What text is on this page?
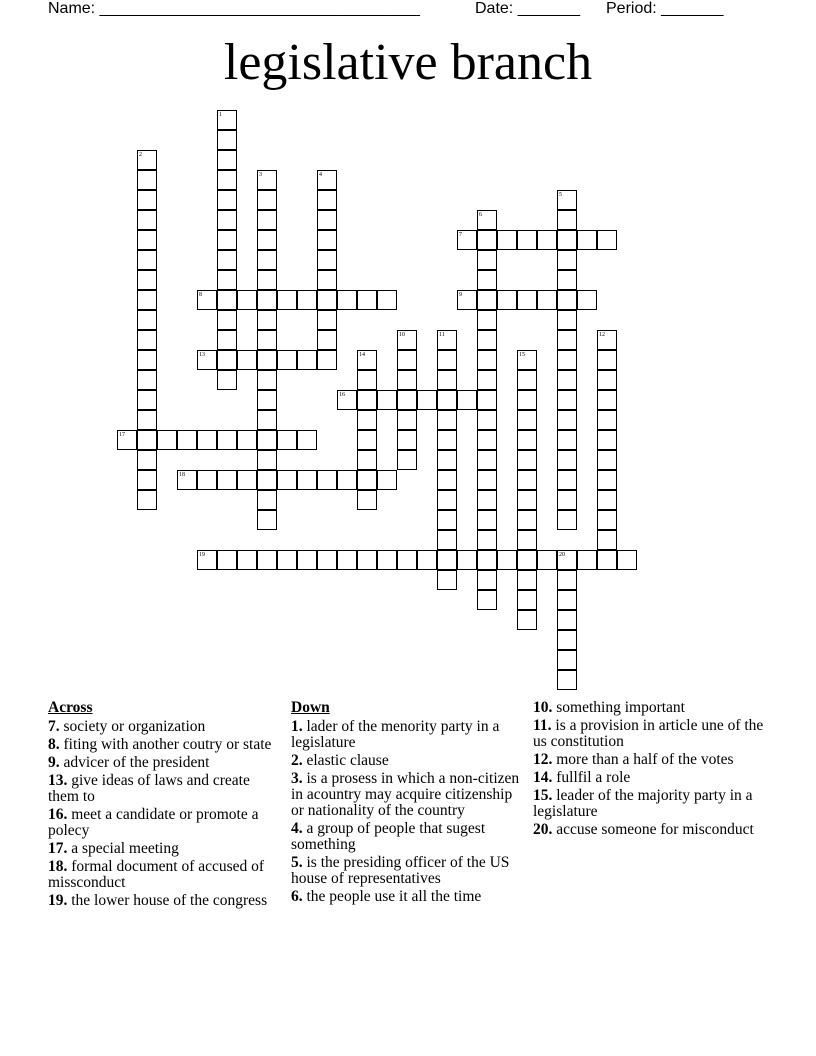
Name: ____________________________________	Date: _______ Period: _______
legislative branch
1
2
3	4
5
6
7
8	9
10	11	12
13	14	15
16
17
18
19	20
Across
7. society or organization
8. fiting with another coutry or state
9. advicer of the president
13. give ideas of laws and create them to
16. meet a candidate or promote a polecy
17. a special meeting
18. formal document of accused of missconduct
19. the lower house of the congress
Down
1. lader of the menority party in a legislature
2. elastic clause
3. is a prosess in which a non-citizen in acountry may acquire citizenship or nationality of the country
4. a group of people that sugest something
5. is the presiding officer of the US house of representatives
6. the people use it all the time
10. something important
11. is a provision in article une of the us constitution
12. more than a half of the votes
14. fullfil a role
15. leader of the majority party in a legislature
20. accuse someone for misconduct
